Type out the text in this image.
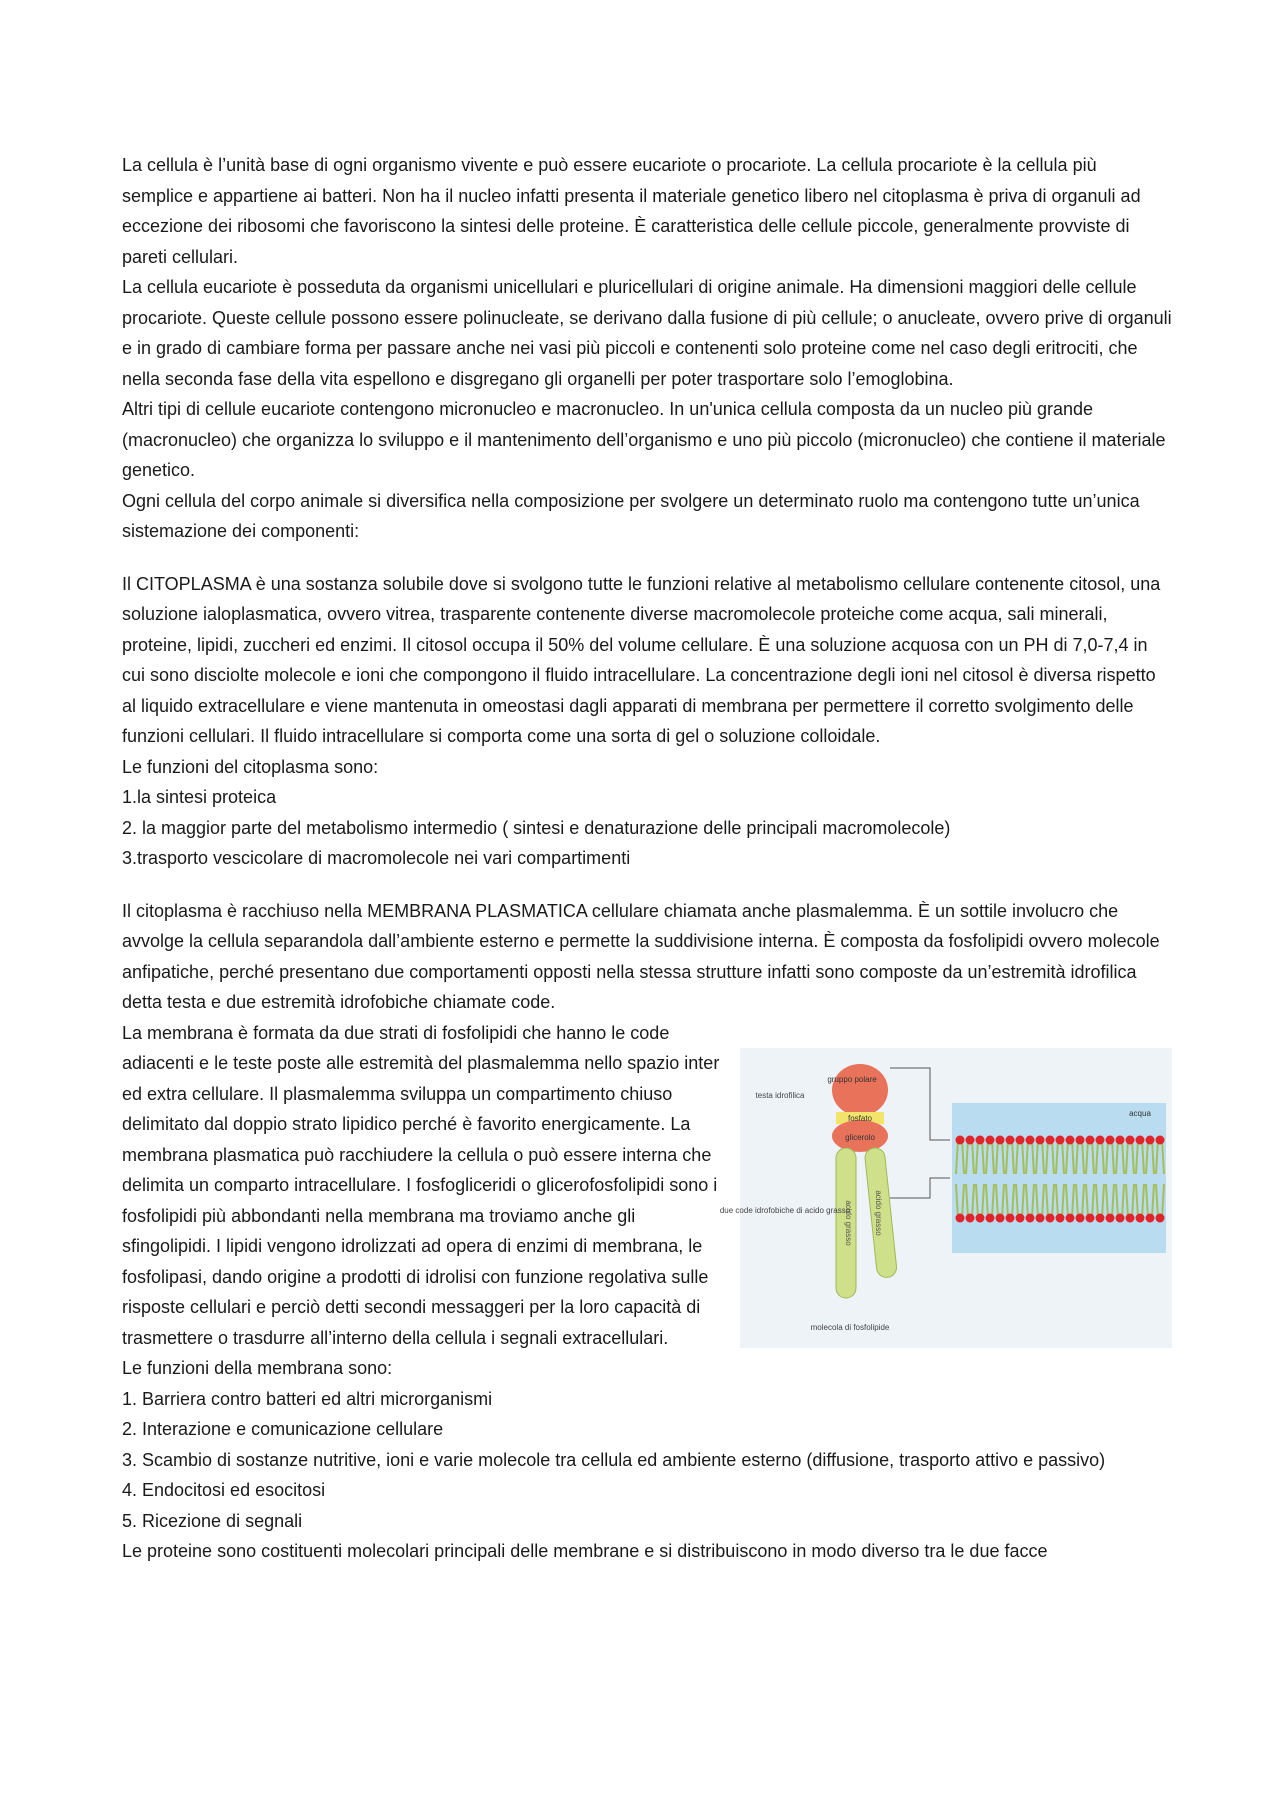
La cellula è l’unità base di ogni organismo vivente e può essere eucariote o procariote. La cellula procariote è la cellula più semplice e appartiene ai batteri. Non ha il nucleo infatti presenta il materiale genetico libero nel citoplasma è priva di organuli ad eccezione dei ribosomi che favoriscono la sintesi delle proteine. È caratteristica delle cellule piccole, generalmente provviste di pareti cellulari.

La cellula eucariote è posseduta da organismi unicellulari e pluricellulari di origine animale. Ha dimensioni maggiori delle cellule procariote. Queste cellule possono essere polinucleate, se derivano dalla fusione di più cellule; o anucleate, ovvero prive di organuli e in grado di cambiare forma per passare anche nei vasi più piccoli e contenenti solo proteine come nel caso degli eritrociti, che nella seconda fase della vita espellono e disgregano gli organelli per poter trasportare solo l’emoglobina.

Altri tipi di cellule eucariote contengono micronucleo e macronucleo. In un'unica cellula composta da un nucleo più grande (macronucleo) che organizza lo sviluppo e il mantenimento dell’organismo e uno più piccolo (micronucleo) che contiene il materiale genetico.

Ogni cellula del corpo animale si diversifica nella composizione per svolgere un determinato ruolo ma contengono tutte un’unica sistemazione dei componenti:

Il CITOPLASMA è una sostanza solubile dove si svolgono tutte le funzioni relative al metabolismo cellulare contenente citosol, una soluzione ialoplasmatica, ovvero vitrea, trasparente contenente diverse macromolecole proteiche come acqua, sali minerali, proteine, lipidi, zuccheri ed enzimi. Il citosol occupa il 50% del volume cellulare. È una soluzione acquosa con un PH di 7,0-7,4 in cui sono disciolte molecole e ioni che compongono il fluido intracellulare. La concentrazione degli ioni nel citosol è diversa rispetto al liquido extracellulare e viene mantenuta in omeostasi dagli apparati di membrana per permettere il corretto svolgimento delle funzioni cellulari. Il fluido intracellulare si comporta come una sorta di gel o soluzione colloidale.

Le funzioni del citoplasma sono:

1.la sintesi proteica

2. la maggior parte del metabolismo intermedio ( sintesi e denaturazione delle principali macromolecole)

3.trasporto vescicolare di macromolecole nei vari compartimenti

Il citoplasma è racchiuso nella MEMBRANA PLASMATICA cellulare chiamata anche plasmalemma. È un sottile involucro che avvolge la cellula separandola dall’ambiente esterno e permette la suddivisione interna. È composta da fosfolipidi ovvero molecole anfipatiche, perché presentano due comportamenti opposti nella stessa strutture infatti sono composte da un’estremità idrofilica detta testa e due estremità idrofobiche chiamate code.

gruppo polare
fosfato
glicerolo
testa idrofilica
due code idrofobiche di acido grasso
acido grasso	acido grasso
molecola di fosfolipide
acqua

La membrana è formata da due strati di fosfolipidi che hanno le code adiacenti e le teste poste alle estremità del plasmalemma nello spazio inter ed extra cellulare. Il plasmalemma sviluppa un compartimento chiuso delimitato dal doppio strato lipidico perché è favorito energicamente. La membrana plasmatica può racchiudere la cellula o può essere interna che delimita un comparto intracellulare. I fosfogliceridi o glicerofosfolipidi sono i fosfolipidi più abbondanti nella membrana ma troviamo anche gli sfingolipidi. I lipidi vengono idrolizzati ad opera di enzimi di membrana, le fosfolipasi, dando origine a prodotti di idrolisi con funzione regolativa sulle risposte cellulari e perciò detti secondi messaggeri per la loro capacità di trasmettere o trasdurre all’interno della cellula i segnali extracellulari.

Le funzioni della membrana sono:

1. Barriera contro batteri ed altri microrganismi

2. Interazione e comunicazione cellulare

3. Scambio di sostanze nutritive, ioni e varie molecole tra cellula ed ambiente esterno (diffusione, trasporto attivo e passivo)

4. Endocitosi ed esocitosi

5. Ricezione di segnali

Le proteine sono costituenti molecolari principali delle membrane e si distribuiscono in modo diverso tra le due facce
